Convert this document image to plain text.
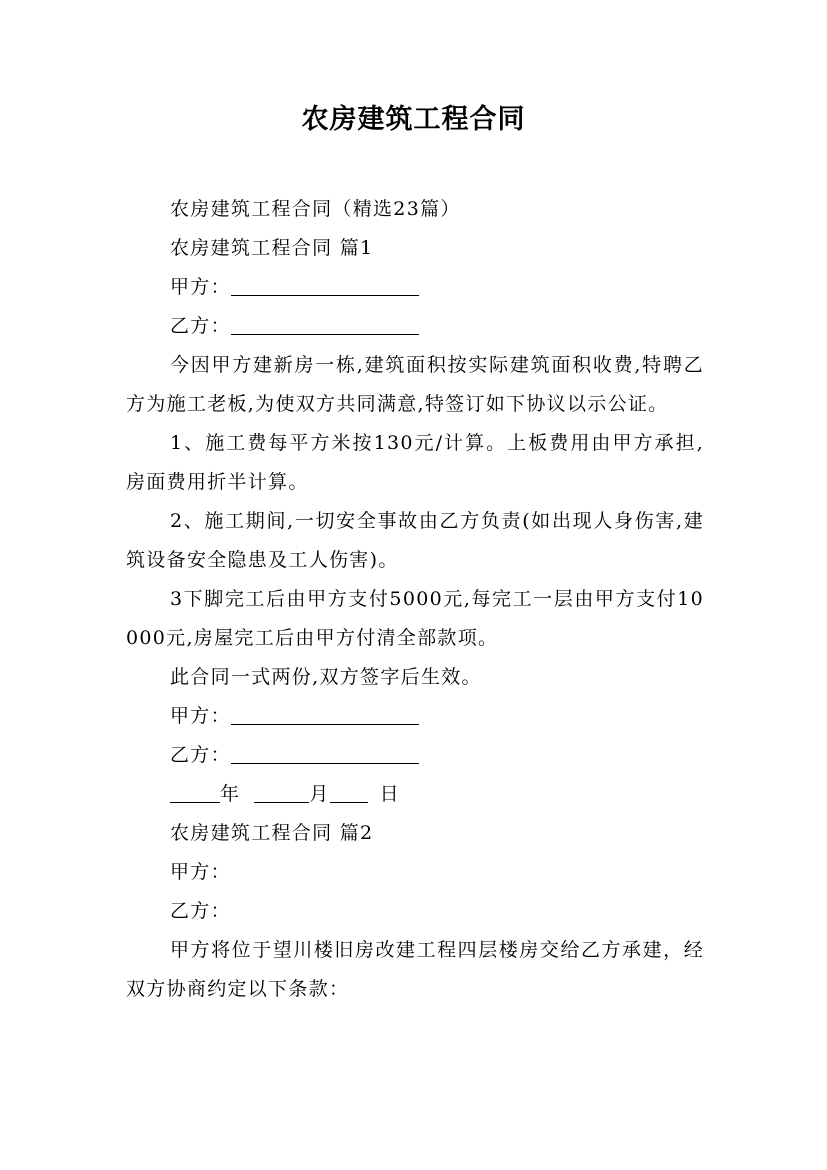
农房建筑工程合同

农房建筑工程合同（精选23篇）

农房建筑工程合同 篇1

甲方：

乙方：

今因甲方建新房一栋,建筑面积按实际建筑面积收费,特聘乙方为施工老板,为使双方共同满意,特签订如下协议以示公证。

1、施工费每平方米按130元/计算。上板费用由甲方承担,房面费用折半计算。

2、施工期间,一切安全事故由乙方负责(如出现人身伤害,建筑设备安全隐患及工人伤害)。

3下脚完工后由甲方支付5000元,每完工一层由甲方支付10000元,房屋完工后由甲方付清全部款项。

此合同一式两份,双方签字后生效。

甲方：

乙方：

年	月	日

农房建筑工程合同 篇2

甲方：

乙方：

甲方将位于望川楼旧房改建工程四层楼房交给乙方承建，经双方协商约定以下条款：
